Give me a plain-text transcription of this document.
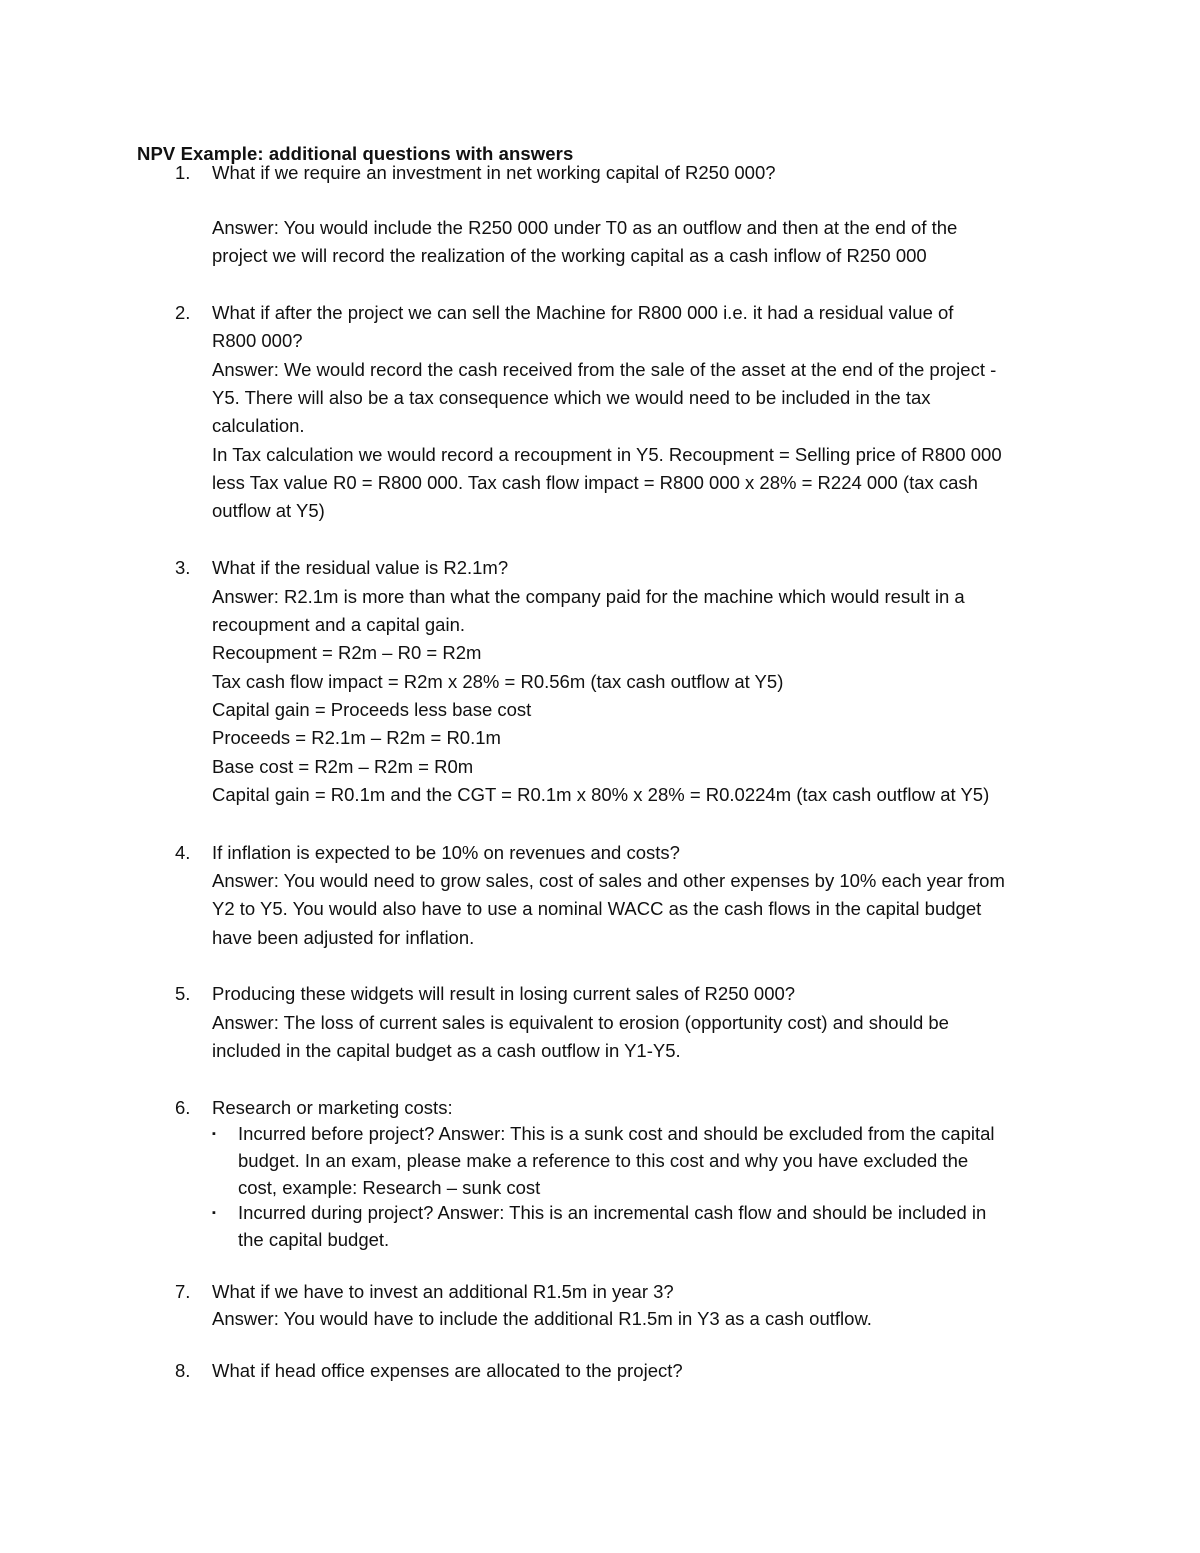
NPV Example: additional questions with answers
1. What if we require an investment in net working capital of R250 000?
Answer: You would include the R250 000 under T0 as an outflow and then at the end of the
project we will record the realization of the working capital as a cash inflow of R250 000
2. What if after the project we can sell the Machine for R800 000 i.e. it had a residual value of
R800 000?
Answer: We would record the cash received from the sale of the asset at the end of the project -
Y5. There will also be a tax consequence which we would need to be included in the tax
calculation.
In Tax calculation we would record a recoupment in Y5. Recoupment = Selling price of R800 000
less Tax value R0 = R800 000. Tax cash flow impact = R800 000 x 28% = R224 000 (tax cash
outflow at Y5)
3. What if the residual value is R2.1m?
Answer: R2.1m is more than what the company paid for the machine which would result in a
recoupment and a capital gain.
Recoupment = R2m – R0 = R2m
Tax cash flow impact = R2m x 28% = R0.56m (tax cash outflow at Y5)
Capital gain = Proceeds less base cost
Proceeds = R2.1m – R2m = R0.1m
Base cost = R2m – R2m = R0m
Capital gain = R0.1m and the CGT = R0.1m x 80% x 28% = R0.0224m (tax cash outflow at Y5)
4. If inflation is expected to be 10% on revenues and costs?
Answer: You would need to grow sales, cost of sales and other expenses by 10% each year from
Y2 to Y5. You would also have to use a nominal WACC as the cash flows in the capital budget
have been adjusted for inflation.
5. Producing these widgets will result in losing current sales of R250 000?
Answer: The loss of current sales is equivalent to erosion (opportunity cost) and should be
included in the capital budget as a cash outflow in Y1-Y5.
6. Research or marketing costs:
▪ Incurred before project? Answer: This is a sunk cost and should be excluded from the capital
budget. In an exam, please make a reference to this cost and why you have excluded the
cost, example: Research – sunk cost
▪ Incurred during project? Answer: This is an incremental cash flow and should be included in
the capital budget.
7. What if we have to invest an additional R1.5m in year 3?
Answer: You would have to include the additional R1.5m in Y3 as a cash outflow.
8. What if head office expenses are allocated to the project?
